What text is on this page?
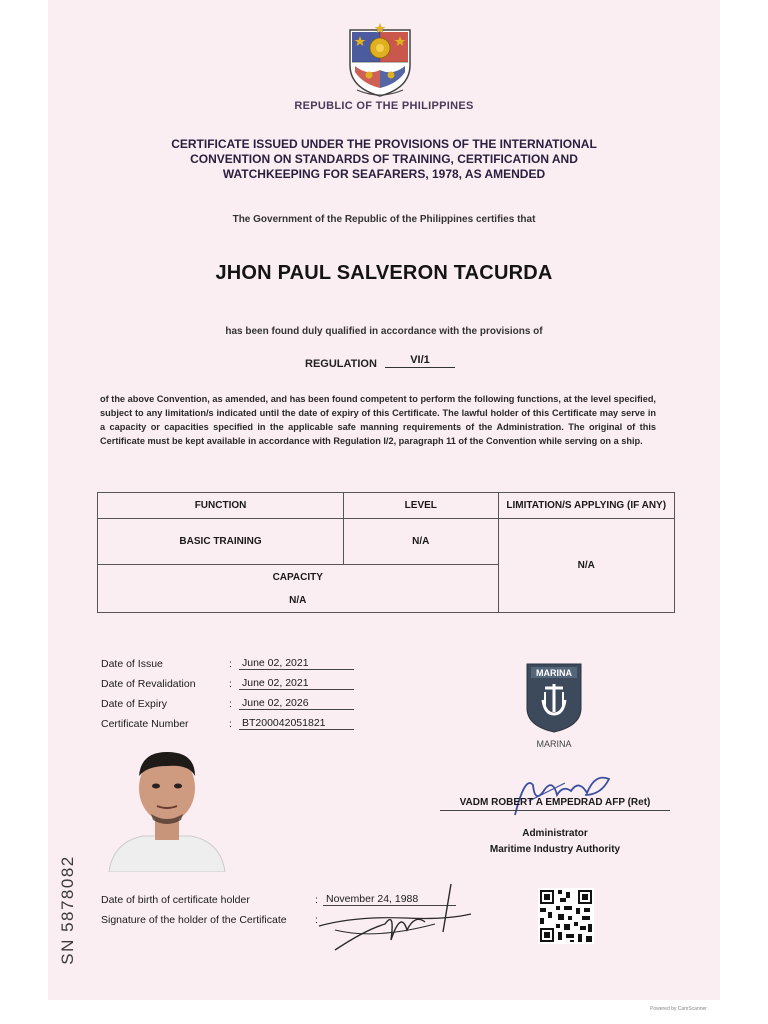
REPUBLIC OF THE PHILIPPINES
CERTIFICATE ISSUED UNDER THE PROVISIONS OF THE INTERNATIONAL CONVENTION ON STANDARDS OF TRAINING, CERTIFICATION AND WATCHKEEPING FOR SEAFARERS, 1978, AS AMENDED
The Government of the Republic of the Philippines certifies that
JHON PAUL SALVERON TACURDA
has been found duly qualified in accordance with the provisions of
REGULATION	VI/1
of the above Convention, as amended, and has been found competent to perform the following functions, at the level specified, subject to any limitation/s indicated until the date of expiry of this Certificate. The lawful holder of this Certificate may serve in a capacity or capacities specified in the applicable safe manning requirements of the Administration. The original of this Certificate must be kept available in accordance with Regulation I/2, paragraph 11 of the Convention while serving on a ship.
FUNCTION	LEVEL	LIMITATION/S APPLYING (IF ANY)
BASIC TRAINING	N/A	N/A

CAPACITY
N/A		
Date of Issue	: June 02, 2021
Date of Revalidation	: June 02, 2021
Date of Expiry	: June 02, 2026
Certificate Number	: BT200042051821
MARINA
MARINA
VADM ROBERT A EMPEDRAD AFP (Ret)
Administrator
Maritime Industry Authority
SN 5878082 Date of birth of certificate holder	: November 24, 1988
Signature of the holder of the Certificate	:
Powered by CamScanner
